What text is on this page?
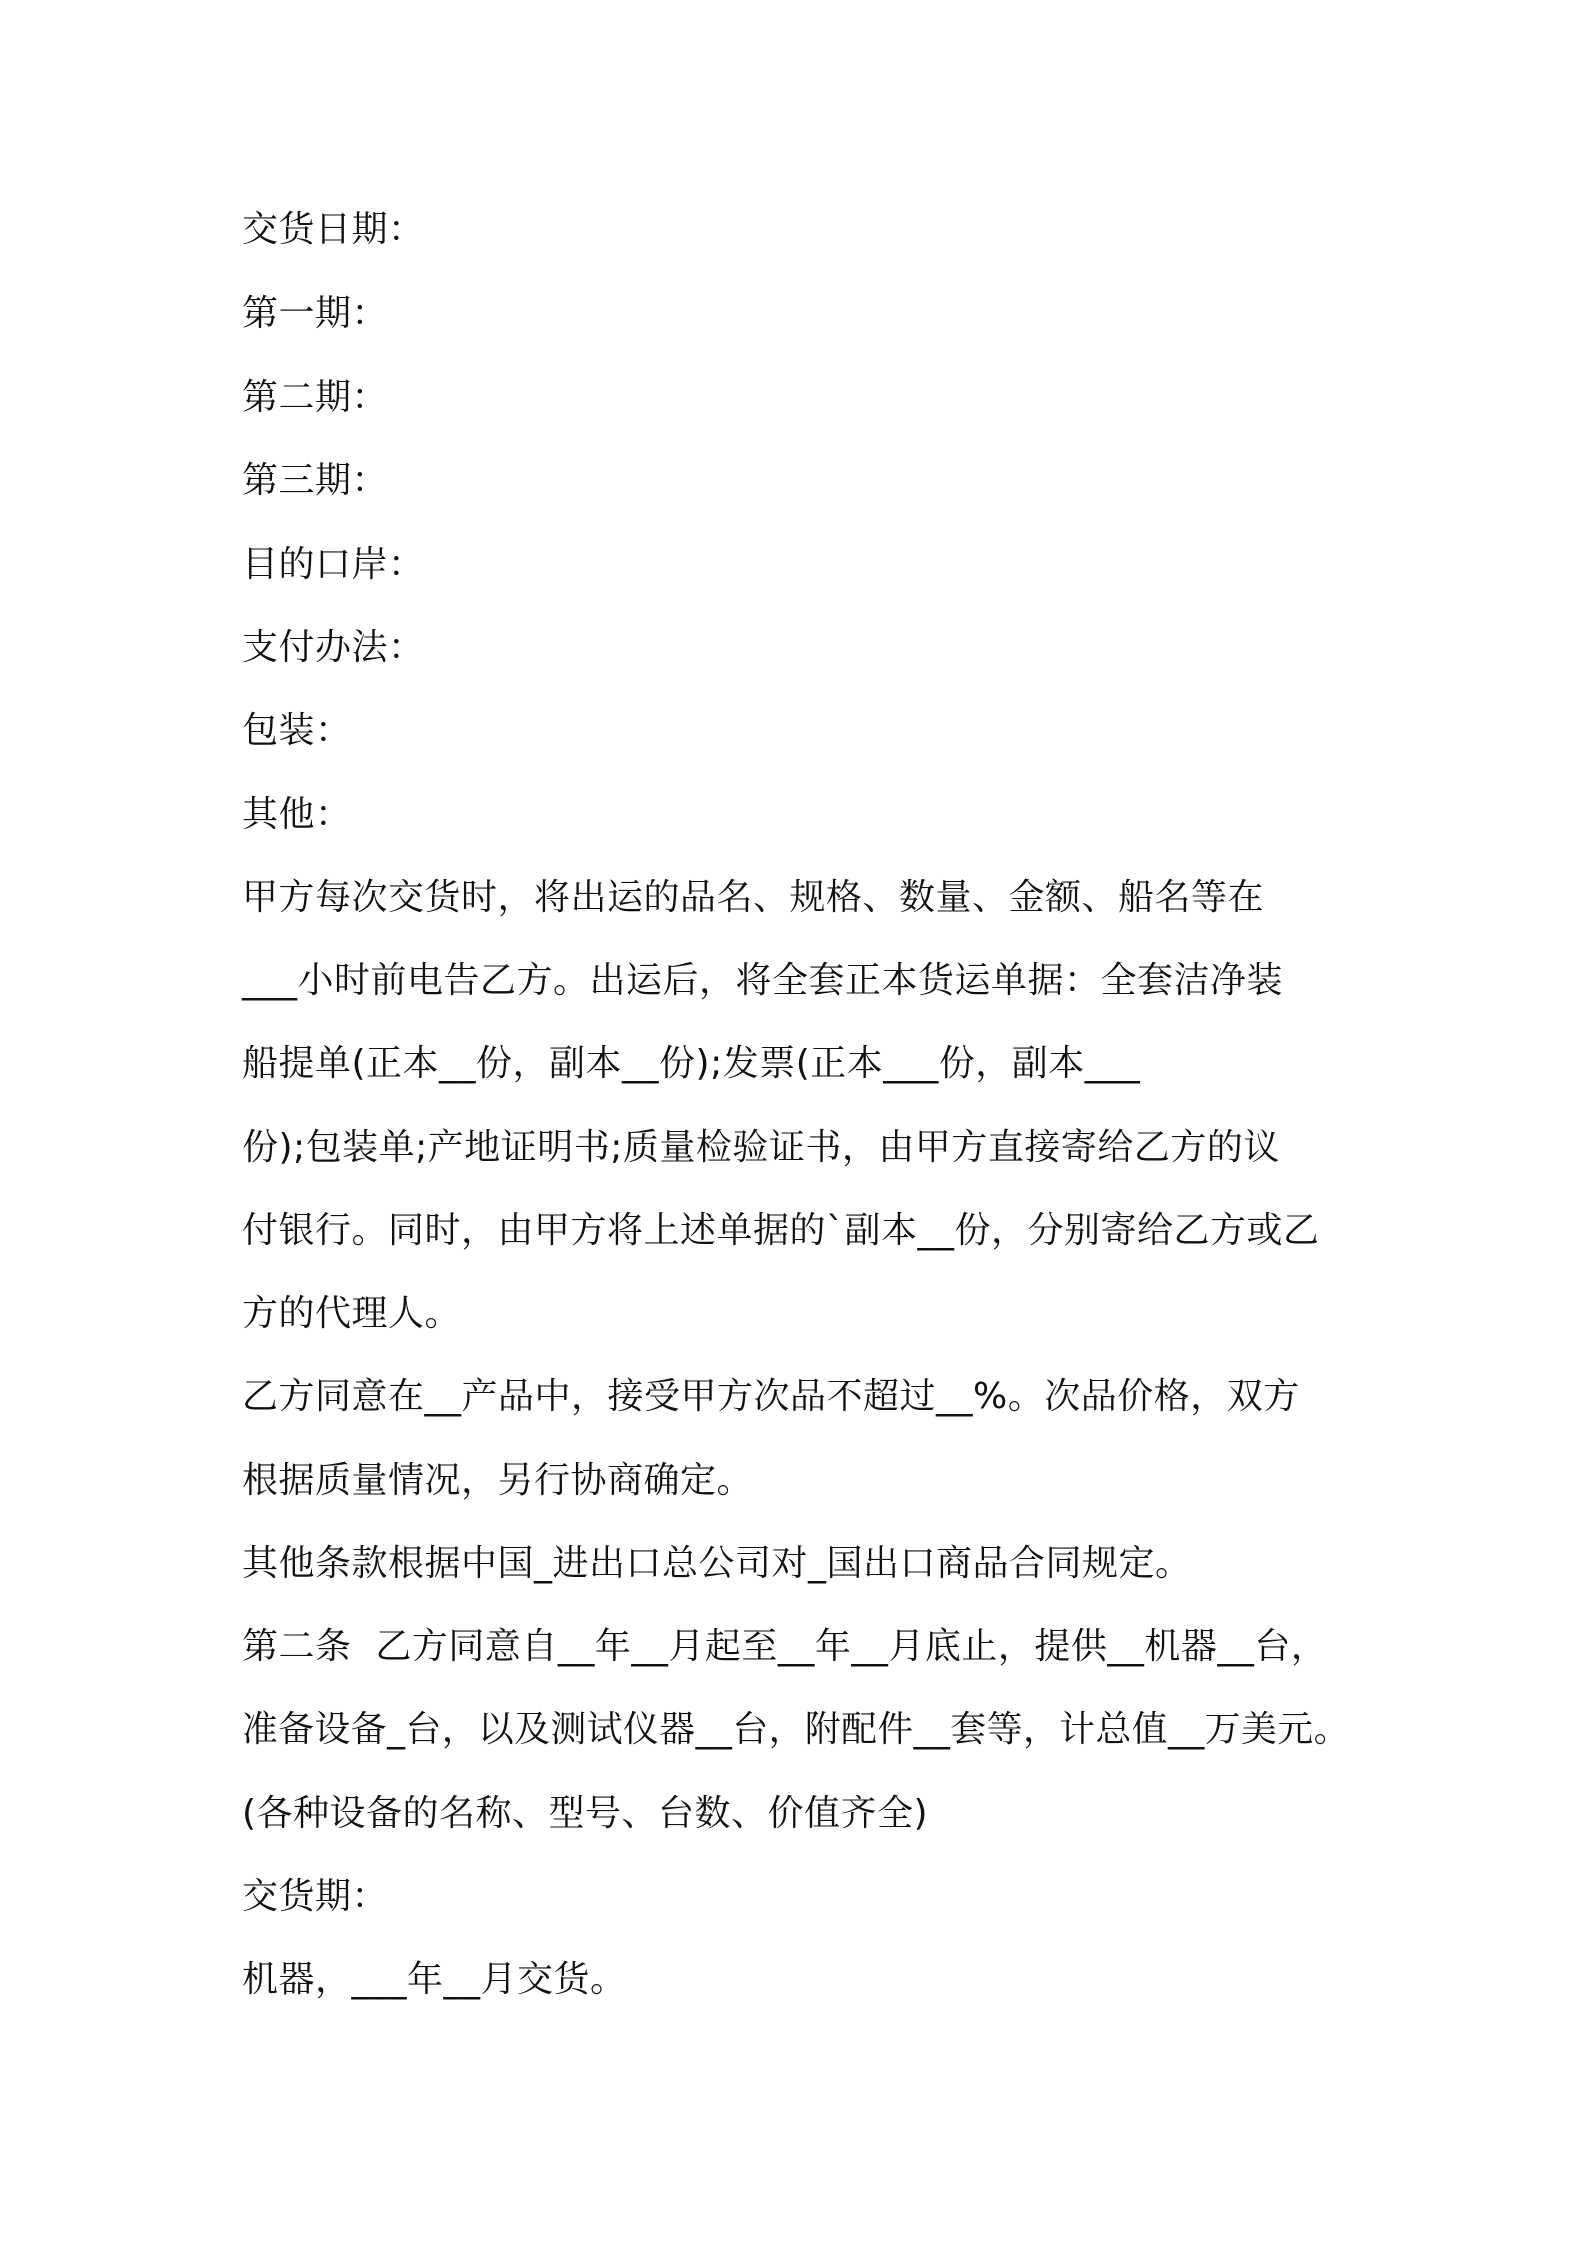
交货日期：
第一期：
第二期：
第三期：
目的口岸：
支付办法：
包装：
其他：
甲方每次交货时，将出运的品名、规格、数量、金额、船名等在
___小时前电告乙方。出运后，将全套正本货运单据：全套洁净装
船提单(正本__份，副本__份);发票(正本___份，副本___
份);包装单;产地证明书;质量检验证书，由甲方直接寄给乙方的议
付银行。同时，由甲方将上述单据的`副本__份，分别寄给乙方或乙
方的代理人。
乙方同意在__产品中，接受甲方次品不超过__%。次品价格，双方
根据质量情况，另行协商确定。
其他条款根据中国_进出口总公司对_国出口商品合同规定。
第二条  乙方同意自__年__月起至__年__月底止，提供__机器__台，
准备设备_台，以及测试仪器__台，附配件__套等，计总值__万美元。
(各种设备的名称、型号、台数、价值齐全)
交货期：
机器，___年__月交货。
